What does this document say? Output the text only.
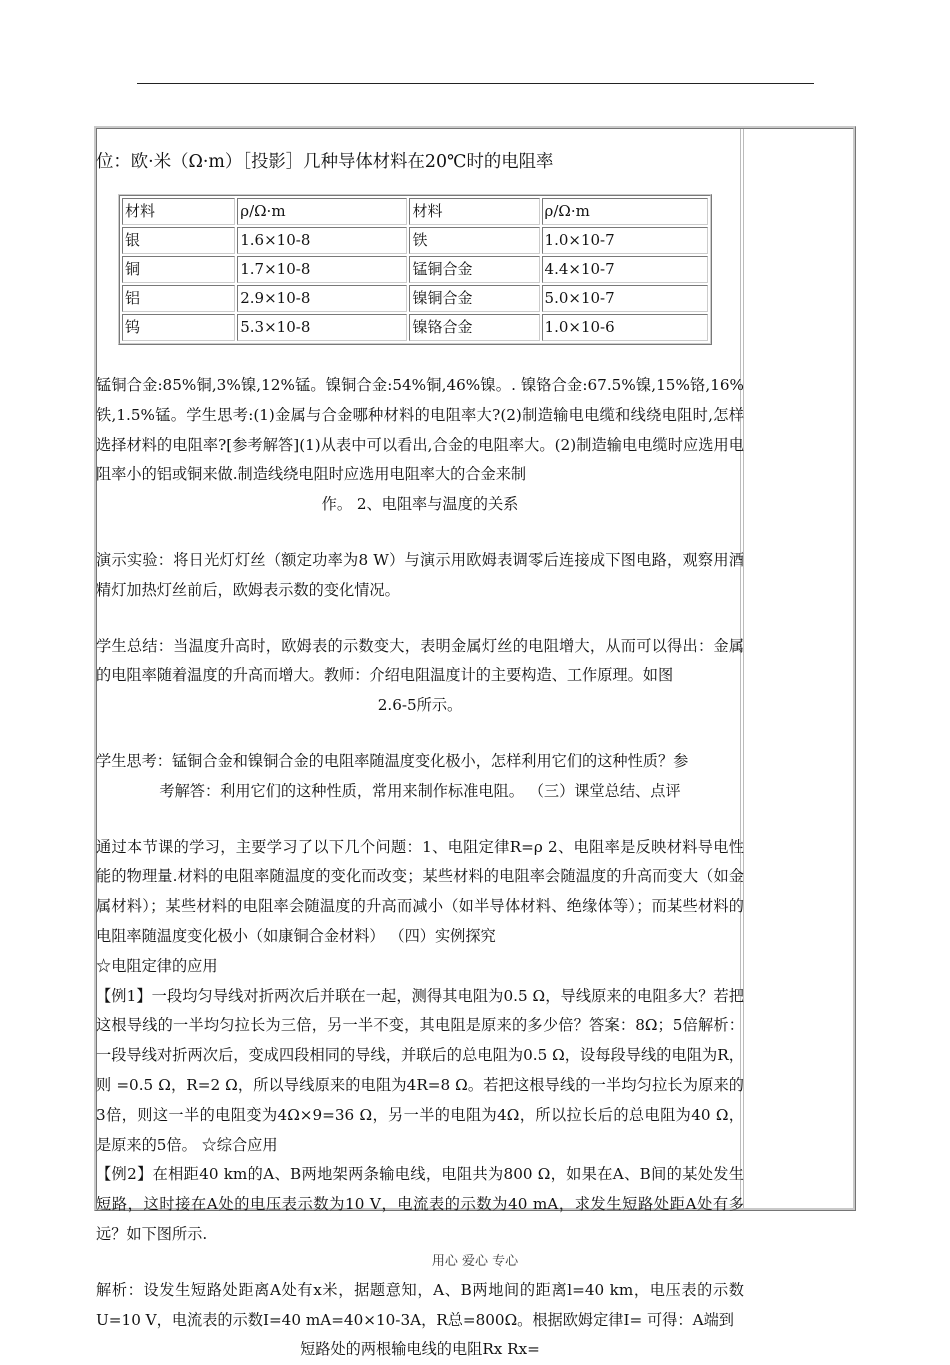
位：欧·米（Ω·m）［投影］几种导体材料在20℃时的电阻率

材料	ρ/Ω·m	材料	ρ/Ω·m
银	1.6×10-8	铁	1.0×10-7
铜	1.7×10-8	锰铜合金	4.4×10-7
铝	2.9×10-8	镍铜合金	5.0×10-7
钨	5.3×10-8	镍铬合金	1.0×10-6

锰铜合金:85%铜,3%镍,12%锰。镍铜合金:54%铜,46%镍。. 镍铬合金:67.5%镍,15%铬,16%铁,1.5%锰。学生思考:(1)金属与合金哪种材料的电阻率大?(2)制造输电电缆和线绕电阻时,怎样选择材料的电阻率?[参考解答](1)从表中可以看出,合金的电阻率大。(2)制造输电电缆时应选用电阻率小的铝或铜来做.制造线绕电阻时应选用电阻率大的合金来制

作。 2、电阻率与温度的关系

演示实验：将日光灯灯丝（额定功率为8 W）与演示用欧姆表调零后连接成下图电路，观察用酒精灯加热灯丝前后，欧姆表示数的变化情况。

学生总结：当温度升高时，欧姆表的示数变大，表明金属灯丝的电阻增大，从而可以得出：金属的电阻率随着温度的升高而增大。教师：介绍电阻温度计的主要构造、工作原理。如图

2.6-5所示。

学生思考：锰铜合金和镍铜合金的电阻率随温度变化极小，怎样利用它们的这种性质？参

考解答：利用它们的这种性质，常用来制作标准电阻。 （三）课堂总结、点评

通过本节课的学习，主要学习了以下几个问题：1、电阻定律R=ρ 2、电阻率是反映材料导电性能的物理量.材料的电阻率随温度的变化而改变；某些材料的电阻率会随温度的升高而变大（如金属材料）；某些材料的电阻率会随温度的升高而减小（如半导体材料、绝缘体等）；而某些材料的电阻率随温度变化极小（如康铜合金材料） （四）实例探究

☆电阻定律的应用

【例1】一段均匀导线对折两次后并联在一起，测得其电阻为0.5 Ω，导线原来的电阻多大？若把这根导线的一半均匀拉长为三倍，另一半不变，其电阻是原来的多少倍？答案：8Ω；5倍解析：一段导线对折两次后，变成四段相同的导线，并联后的总电阻为0.5 Ω，设每段导线的电阻为R，则 =0.5 Ω，R=2 Ω，所以导线原来的电阻为4R=8 Ω。若把这根导线的一半均匀拉长为原来的3倍，则这一半的电阻变为4Ω×9=36 Ω，另一半的电阻为4Ω，所以拉长后的总电阻为40 Ω，是原来的5倍。 ☆综合应用

【例2】在相距40 km的A、B两地架两条输电线，电阻共为800 Ω，如果在A、B间的某处发生短路，这时接在A处的电压表示数为10 V，电流表的示数为40 mA，求发生短路处距A处有多远？如下图所示.

解析：设发生短路处距离A处有x米，据题意知，A、B两地间的距离l=40 km，电压表的示数U=10 V，电流表的示数I=40 mA=40×10-3A，R总=800Ω。根据欧姆定律I= 可得：A端到

短路处的两根输电线的电阻Rx Rx=

用心 爱心 专心
